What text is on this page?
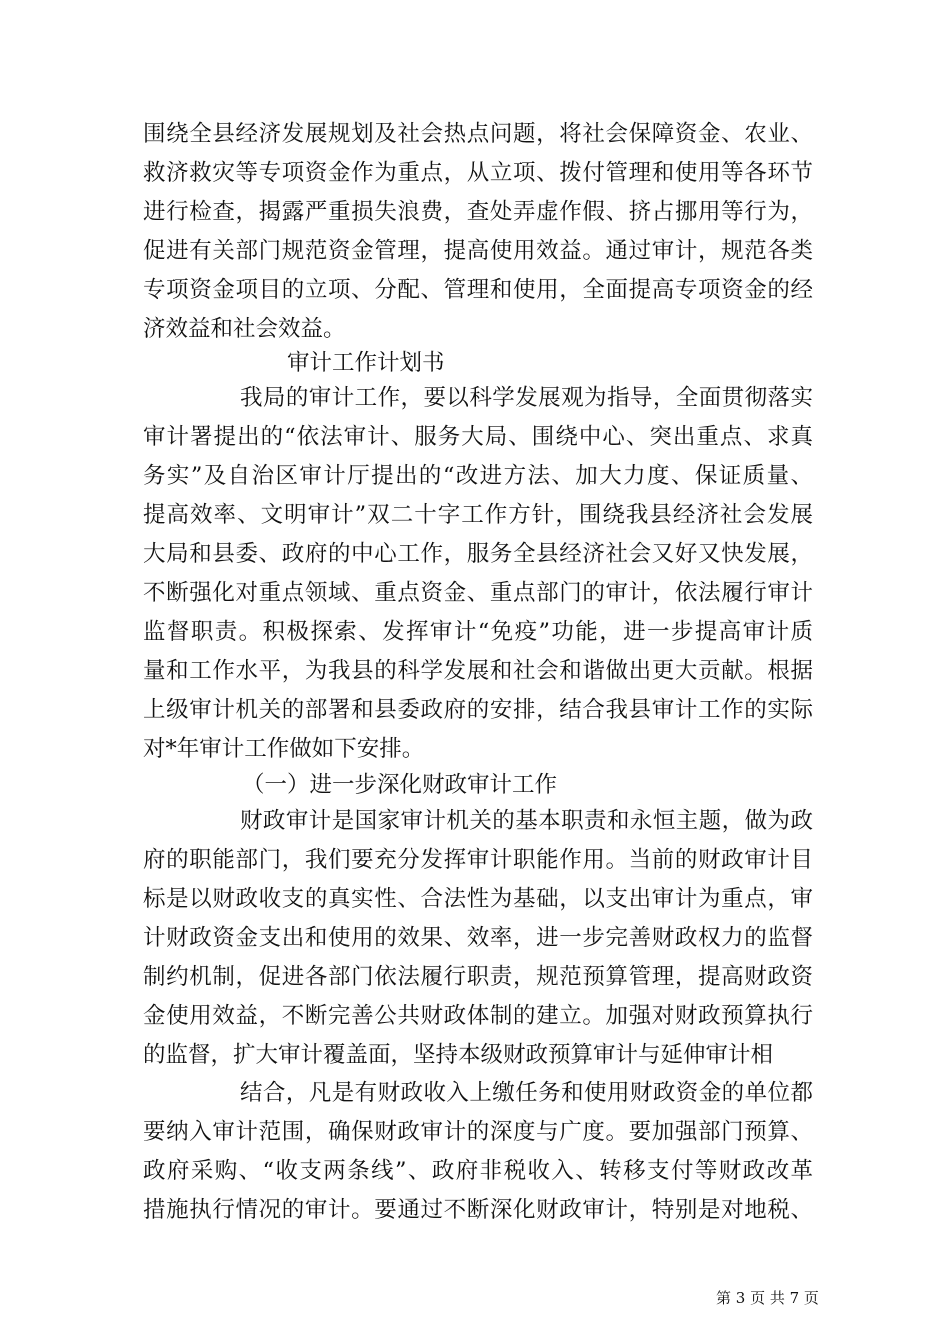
围绕全县经济发展规划及社会热点问题，将社会保障资金、农业、
救济救灾等专项资金作为重点，从立项、拨付管理和使用等各环节
进行检查，揭露严重损失浪费，查处弄虚作假、挤占挪用等行为，
促进有关部门规范资金管理，提高使用效益。通过审计，规范各类
专项资金项目的立项、分配、管理和使用，全面提高专项资金的经
济效益和社会效益。
审计工作计划书
我局的审计工作，要以科学发展观为指导，全面贯彻落实
审计署提出的“依法审计、服务大局、围绕中心、突出重点、求真
务实”及自治区审计厅提出的“改进方法、加大力度、保证质量、
提高效率、文明审计”双二十字工作方针，围绕我县经济社会发展
大局和县委、政府的中心工作，服务全县经济社会又好又快发展，
不断强化对重点领域、重点资金、重点部门的审计，依法履行审计
监督职责。积极探索、发挥审计“免疫”功能，进一步提高审计质
量和工作水平，为我县的科学发展和社会和谐做出更大贡献。根据
上级审计机关的部署和县委政府的安排，结合我县审计工作的实际
对*年审计工作做如下安排。
（一）进一步深化财政审计工作
财政审计是国家审计机关的基本职责和永恒主题，做为政
府的职能部门，我们要充分发挥审计职能作用。当前的财政审计目
标是以财政收支的真实性、合法性为基础，以支出审计为重点，审
计财政资金支出和使用的效果、效率，进一步完善财政权力的监督
制约机制，促进各部门依法履行职责，规范预算管理，提高财政资
金使用效益，不断完善公共财政体制的建立。加强对财政预算执行
的监督，扩大审计覆盖面，坚持本级财政预算审计与延伸审计相
结合，凡是有财政收入上缴任务和使用财政资金的单位都
要纳入审计范围，确保财政审计的深度与广度。要加强部门预算、
政府采购、“收支两条线”、政府非税收入、转移支付等财政改革
措施执行情况的审计。要通过不断深化财政审计，特别是对地税、
第 3 页 共 7 页
